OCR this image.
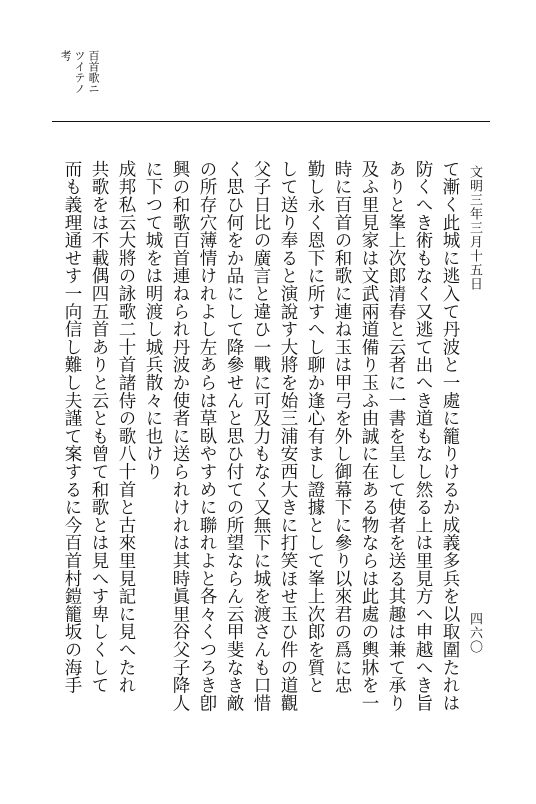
百首歌ニ
ツイテノ
考
文明三年三月十五日
四六〇
て漸く此城に逃入て丹波と一處に籠りけるか成義多兵を以取圍たれは
防くへき術もなく又逃て出へき道もなし然る上は里見方へ申越へき旨
ありと峯上次郎清春と云者に一書を呈して使者を送る其趣は兼て承り
及ふ里見家は文武兩道備り玉ふ由誠に在ある物ならは此處の輿牀を一
時に百首の和歌に連ね玉は甲弓を外し御幕下に參り以來君の爲に忠
勤し永く恩下に所すへし聊か逢心有まし證據として峯上次郎を質と
して送り奉ると演說す大將を始三浦安西大きに打笑ほせ玉ひ件の道觀
父子日比の廣言と違ひ一戰に可及力もなく又無下に城を渡さんも口惜
く思ひ何をか品にして降參せんと思ひ付ての所望ならん云甲斐なき敵
の所存穴薄情けれよし左あらは草臥やすめに聯れよと各々くつろき卽
興の和歌百首連ねられ丹波か使者に送られけれは其時眞里谷父子降人
に下つて城をは明渡し城兵散々に也けり
成邦私云大將の詠歌二十首諸侍の歌八十首と古來里見記に見へたれ
共歌をは不載偶四五首ありと云とも曾て和歌とは見へす卑しくして
而も義理通せす一向信し難し夫謹て案するに今百首村鎧籠坂の海手
